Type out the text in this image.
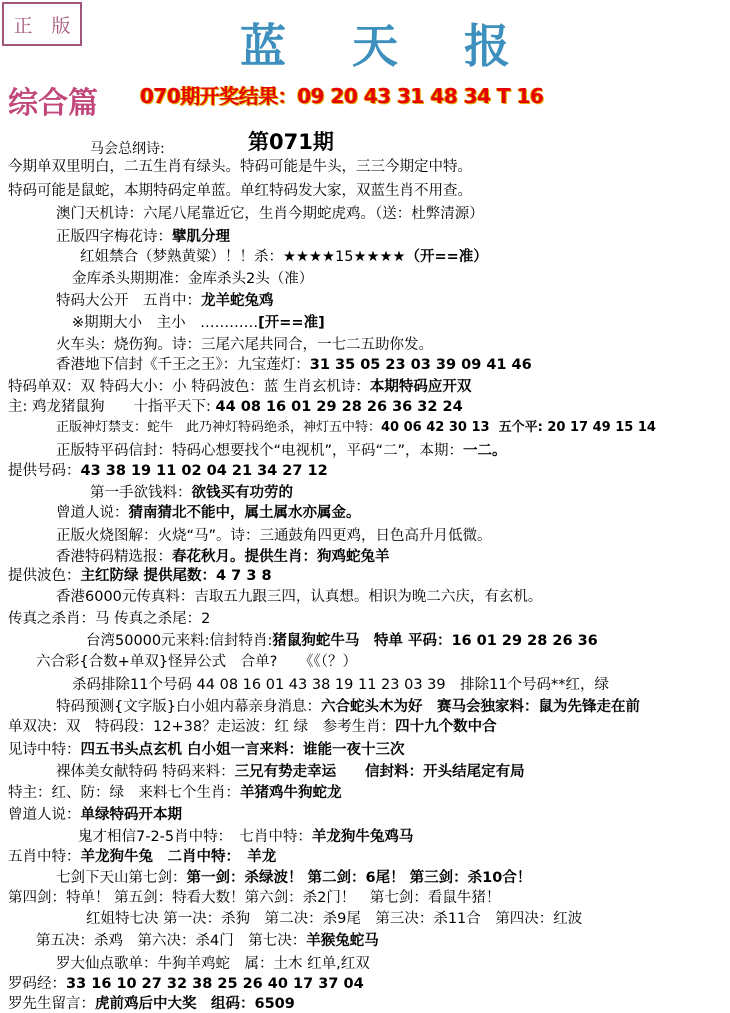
正 版	蓝 天 报
综合篇 070期开奖结果：09 20 43 31 48 34 T 16
第071期
马会总纲诗:
今期单双里明白，二五生肖有绿头。特码可能是牛头，三三今期定中特。
特码可能是鼠蛇，本期特码定单蓝。单红特码发大家，双蓝生肖不用查。
澳门天机诗：六尾八尾靠近它，生肖今期蛇虎鸡。（送：杜弊清源）
正版四字梅花诗：擘肌分理
红姐禁合（梦熟黄粱）！！杀：★★★★15★★★★（开==准）
金库杀头期期准：金库杀头2头（准）
特码大公开　五肖中：龙羊蛇兔鸡
※期期大小　主小　…………[开==准]
火车头：烧伤狗。诗：三尾六尾共同合，一七二五助你发。
香港地下信封《千王之王》：九宝莲灯：31 35 05 23 03 39 09 41 46
特码单双：双 特码大小：小 特码波色：蓝 生肖玄机诗：本期特码应开双
主: 鸡龙猪鼠狗　　十指平天下: 44 08 16 01 29 28 26 36 32 24
正版神灯禁支：蛇牛　此乃神灯特码绝杀，神灯五中特：40 06 42 30 13  五个平: 20 17 49 15 14
正版特平码信封：特码心想要找个“电视机”，平码“二”，本期：一二。
提供号码：43 38 19 11 02 04 21 34 27 12
第一手欲钱料：欲钱买有功劳的
曾道人说：猜南猜北不能中，属土属水亦属金。
正版火烧图解：火烧“马”。诗：三通鼓角四更鸡，日色高升月低微。
香港特码精选报：春花秋月。提供生肖：狗鸡蛇兔羊
提供波色：主红防绿 提供尾数：4 7 3 8
香港6000元传真料：吉取五九跟三四，认真想。相识为晚二六庆，有玄机。
传真之杀肖：马 传真之杀尾：2
台湾50000元来料:信封特肖:猪鼠狗蛇牛马　特单 平码：16 01 29 28 26 36
六合彩{合数+单双}怪异公式　合单?　　《《（？）
杀码排除11个号码 44 08 16 01 43 38 19 11 23 03 39　排除11个号码**红，绿
特码预测{文字版}白小姐内幕亲身消息：六合蛇头木为好　赛马会独家料：鼠为先锋走在前
单双决：双　特码段：12+38？走运波：红 绿　参考生肖：四十九个数中合
见诗中特：四五书头点玄机 白小姐一言来料：谁能一夜十三次
裸体美女献特码 特码来料：三兄有势走幸运　　信封料：开头结尾定有局
特主：红、防：绿　来料七个生肖：羊猪鸡牛狗蛇龙
曾道人说：单绿特码开本期
鬼才相信7-2-5肖中特：　七肖中特：羊龙狗牛兔鸡马
五肖中特：羊龙狗牛兔　二肖中特：　羊龙
七剑下天山第七剑：第一剑：杀绿波！ 第二剑：6尾！ 第三剑：杀10合！
第四剑：特单！ 第五剑：特看大数！第六剑：杀2门！　第七剑：看鼠牛猪！
红姐特七决 第一决：杀狗　第二决：杀9尾　第三决：杀11合　第四决：红波
第五决：杀鸡　第六决：杀4门　第七决：羊猴兔蛇马
罗大仙点歌单：牛狗羊鸡蛇　属：土木 红单,红双
罗码经：33 16 10 27 32 38 25 26 40 17 37 04
罗先生留言：虎前鸡后中大奖　组码：6509
